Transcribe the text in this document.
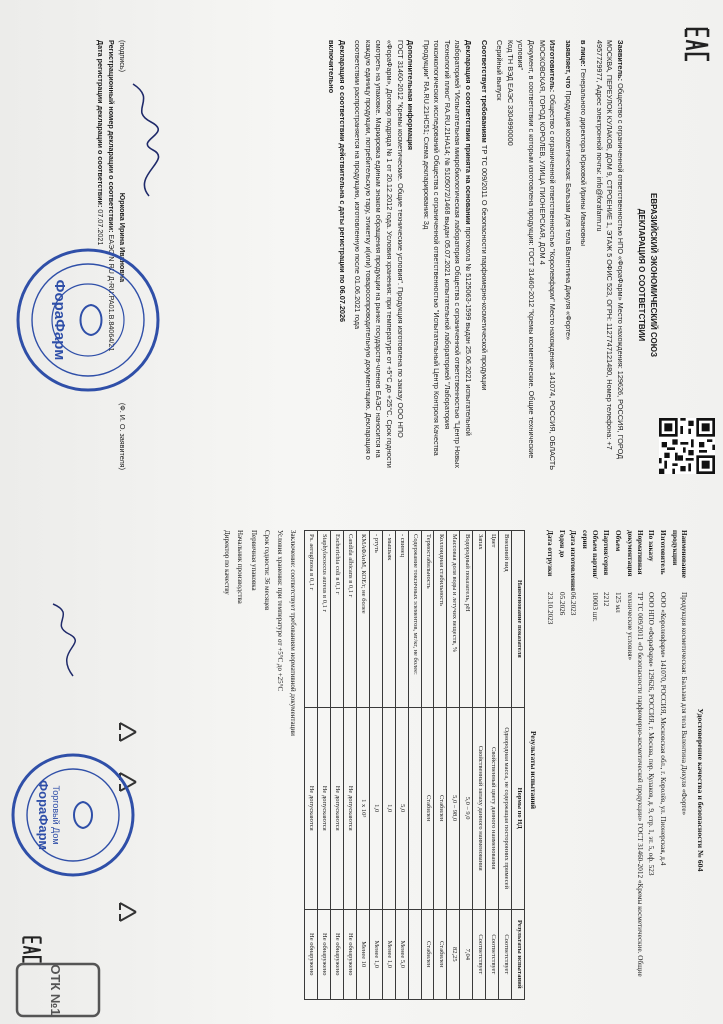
ЕВРАЗИЙСКИЙ ЭКОНОМИЧЕСКИЙ СОЮЗ
ДЕКЛАРАЦИЯ О СООТВЕТСТВИИ

Заявитель: Общество с ограниченной ответственностью НПО «ФораФарм» Место нахождения: 129626, РОССИЯ, ГОРОД МОСКВА, ПЕРЕУЛОК КУЛАКОВ, ДОМ 9, СТРОЕНИЕ 1, ЭТАЖ 5 ОФИС 523, ОГРН: 1127747121480, Номер телефона: +7 4957729977, Адрес электронной почты: info@forafarm.ru

в лице: Генерального директора Юрковой Ирины Ивановны

заявляет, что Продукция косметическая: Бальзам для тела Валентина Дикуля «Форте»

Изготовитель: Общество с ограниченной ответственностью "Королевфарм" Место нахождения: 141074, РОССИЯ, ОБЛАСТЬ МОСКОВСКАЯ, ГОРОД КОРОЛЕВ, УЛИЦА ПИОНЕРСКАЯ, ДОМ 4
Документ, в соответствии с которым изготовлена продукция: ГОСТ 31460-2012 "Кремы косметические. Общие технические условия"
Код ТН ВЭД ЕАЭС 3304990000
Серийный выпуск

Соответствует требованиям ТР ТС 009/2011 О безопасности парфюмерно-косметической продукции

Декларация о соответствии принята на основании протокола № 5125063-1599 выдан 25.06.2021 испытательной лабораторией "Испытательная микробиологическая лаборатория Общества с ограниченной ответственностью "Центр Новых Технологий плюс" RA.RU.21НА14; № 5105072/1468 выдан 05.07.2021 испытательной лабораторией "Лаборатория токсикологических исследований Общества с ограниченной ответственностью "Испытательный Центр Контроля Качества Продукции" RA.RU.21НС51; Схема декларирования: 3д

Дополнительная информация
ГОСТ 31460-2012 "Кремы косметические. Общие технические условия". Продукция изготовлена по заказу ООО НПО «ФораФарм», Договор подряда № 1 от 20.12.2012 года. Условия хранения: при температуре от +5°С до +25°С. Срок годности смотреть на упаковке. Маркировка единым знаком обращения продукции на рынке государств-членов ЕАЭС наносится на каждую единицу продукции, потребительскую тару, этикетку и(или) товаросопроводительную документацию. Декларация о соответствии распространяется на продукцию, изготовленную после 01.06.2021 года

Декларация о соответствии действительна с даты регистрации по 06.07.2026
включительно

(подпись)
Юркова Ирина Ивановна
(Ф. И. О. заявителя)
Регистрационный номер декларации о соответствии: ЕАЭС N RU Д-RU.РА01.В.84064/21
Дата регистрации декларации о соответствии: 07.07.2021
ФораФарм
Удостоверение качества и безопасности № 604
Наименование продукции
Продукция косметическая: Бальзам для тела Валентина Дикуля «Форте»
Изготовитель
ООО «Королевфарм» 141070, РОССИЯ, Московская обл., г. Королёв, ул. Пионерская, д.4
По заказу
ООО НПО «ФораФарм» 129626, РОССИЯ, г. Москва, пер. Кулаков, д. 9, стр. 1, эт. 5, оф. 523
Нормативная документация
ТР ТС 009/2011 «О безопасности парфюмерно-косметической продукции» ГОСТ 31460-2012 «Кремы косметические. Общие технические условия»
Объем
125 мл
Партия/серия
2212
Объем партии/серии
10003 шт.
Дата изготовления
06.2023
Годен до
05.2026
Дата отгрузки
23.10.2023
Результаты испытаний
Наименование показателя	Нормы по НД	Результаты испытаний
Внешний вид	Однородная масса, не содержащая посторонних примесей	Соответствует
Цвет	Свойственный цвету данного наименования	Соответствует
Запах	Свойственный запаху данного наименования	Соответствует
Водородный показатель, pH	5,0 – 9,0	7,04
Массовая доля воды и летучих веществ, %	5,0 – 98,0	82,25
Коллоидная стабильность	Стабилен	Стабилен
Термостабильность	Стабилен	Стабилен
Содержание токсичных элементов, мг/кг, не более:		
- свинец	5,0	Менее 5,0
- мышьяк	1,0	Менее 1,0
- ртуть	1,0	Менее 1,0
КМАФАнМ, КОЕ/г, не более	1 х 10³	Менее 10
Candida albicans в 0,1 г	Не допускаются	Не обнаружено
Escherichia coli в 0,1 г	Не допускаются	Не обнаружено
Staphylococcus aureus в 0,1 г	Не допускаются	Не обнаружено
Ps. aeruginosa в 0,1 г	Не допускаются	Не обнаружено

Заключение: соответствует требованиям нормативной документации

Условия хранения: при температуре от +5°С до +25°С

Срок годности: 36 месяцев

Первичная упаковка

Начальник производства

Директор по качеству

Торговый Дом
ФораФарм
ОТК №1
